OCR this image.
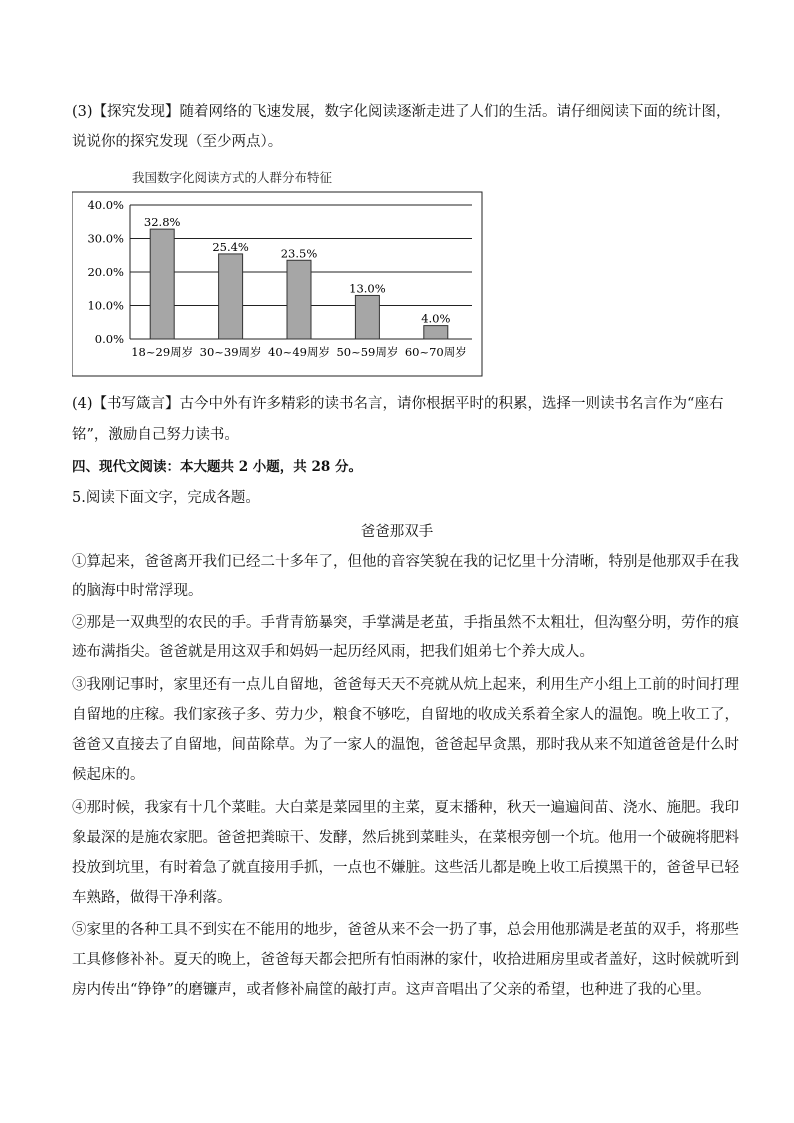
(3)【探究发现】随着网络的飞速发展，数字化阅读逐渐走进了人们的生活。请仔细阅读下面的统计图，
说说你的探究发现（至少两点）。
我国数字化阅读方式的人群分布特征
0.0%
10.0%
20.0%
30.0%
40.0%
32.8%
25.4%	23.5%
13.0%
4.0%
18~29周岁 30~39周岁 40~49周岁 50~59周岁 60~70周岁
(4)【书写箴言】古今中外有许多精彩的读书名言，请你根据平时的积累，选择一则读书名言作为“座右
铭”，激励自己努力读书。
四、现代文阅读：本大题共 2 小题，共 28 分。
5.阅读下面文字，完成各题。
爸爸那双手
①算起来，爸爸离开我们已经二十多年了，但他的音容笑貌在我的记忆里十分清晰，特别是他那双手在我
的脑海中时常浮现。
②那是一双典型的农民的手。手背青筋暴突，手掌满是老茧，手指虽然不太粗壮，但沟壑分明，劳作的痕
迹布满指尖。爸爸就是用这双手和妈妈一起历经风雨，把我们姐弟七个养大成人。
③我刚记事时，家里还有一点儿自留地，爸爸每天天不亮就从炕上起来，利用生产小组上工前的时间打理
自留地的庄稼。我们家孩子多、劳力少，粮食不够吃，自留地的收成关系着全家人的温饱。晚上收工了，
爸爸又直接去了自留地，间苗除草。为了一家人的温饱，爸爸起早贪黑，那时我从来不知道爸爸是什么时
候起床的。
④那时候，我家有十几个菜畦。大白菜是菜园里的主菜，夏末播种，秋天一遍遍间苗、浇水、施肥。我印
象最深的是施农家肥。爸爸把粪晾干、发酵，然后挑到菜畦头，在菜根旁刨一个坑。他用一个破碗将肥料
投放到坑里，有时着急了就直接用手抓，一点也不嫌脏。这些活儿都是晚上收工后摸黑干的，爸爸早已轻
车熟路，做得干净利落。
⑤家里的各种工具不到实在不能用的地步，爸爸从来不会一扔了事，总会用他那满是老茧的双手，将那些
工具修修补补。夏天的晚上，爸爸每天都会把所有怕雨淋的家什，收拾进厢房里或者盖好，这时候就听到
房内传出“铮铮”的磨镰声，或者修补扁筐的敲打声。这声音唱出了父亲的希望，也种进了我的心里。
